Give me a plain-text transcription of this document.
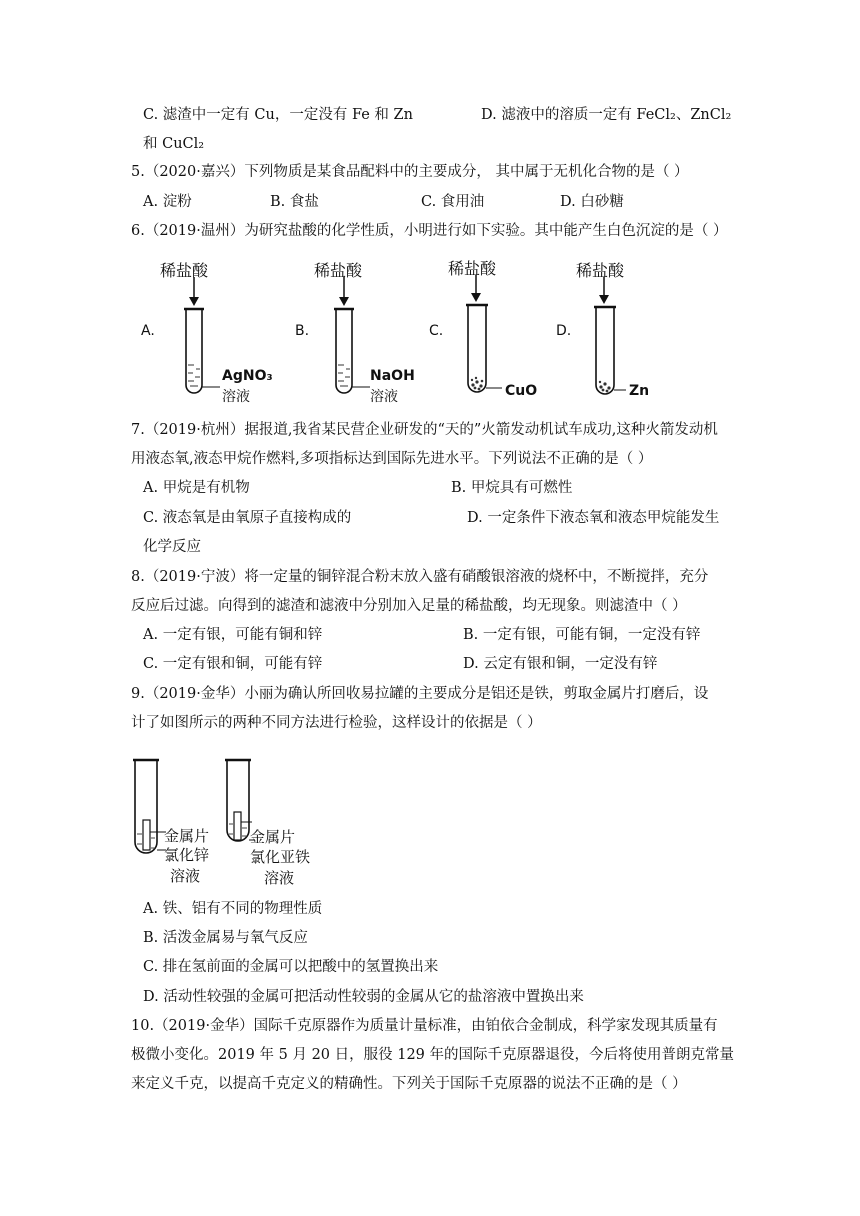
C. 滤渣中一定有 Cu，一定没有 Fe 和 Zn	D. 滤液中的溶质一定有 FeCl₂、ZnCl₂
和 CuCl₂
5.（2020·嘉兴）下列物质是某食品配料中的主要成分， 其中属于无机化合物的是（ ）
A. 淀粉	B. 食盐	C. 食用油	D. 白砂糖
6.（2019·温州）为研究盐酸的化学性质，小明进行如下实验。其中能产生白色沉淀的是（ ）
A.
稀盐酸
AgNO₃
溶液
B.
稀盐酸
NaOH
溶液
C.
稀盐酸
CuO
D.
稀盐酸
Zn
7.（2019·杭州）据报道,我省某民营企业研发的“天的”火箭发动机试车成功,这种火箭发动机
用液态氧,液态甲烷作燃料,多项指标达到国际先进水平。下列说法不正确的是（ ）
A. 甲烷是有机物	B. 甲烷具有可燃性
C. 液态氧是由氧原子直接构成的	D. 一定条件下液态氧和液态甲烷能发生
化学反应
8.（2019·宁波）将一定量的铜锌混合粉末放入盛有硝酸银溶液的烧杯中，不断搅拌，充分
反应后过滤。向得到的滤渣和滤液中分别加入足量的稀盐酸，均无现象。则滤渣中（ ）
A. 一定有银，可能有铜和锌	B. 一定有银，可能有铜，一定没有锌
C. 一定有银和铜，可能有锌	D. 云定有银和铜，一定没有锌
9.（2019·金华）小丽为确认所回收易拉罐的主要成分是铝还是铁，剪取金属片打磨后，设
计了如图所示的两种不同方法进行检验，这样设计的依据是（ ）
金属片
氯化锌
溶液
金属片
氯化亚铁
溶液
A. 铁、铝有不同的物理性质
B. 活泼金属易与氧气反应
C. 排在氢前面的金属可以把酸中的氢置换出来
D. 活动性较强的金属可把活动性较弱的金属从它的盐溶液中置换出来
10.（2019·金华）国际千克原器作为质量计量标准，由铂依合金制成，科学家发现其质量有
极微小变化。2019 年 5 月 20 日，服役 129 年的国际千克原器退役，今后将使用普朗克常量
来定义千克，以提高千克定义的精确性。下列关于国际千克原器的说法不正确的是（ ）
